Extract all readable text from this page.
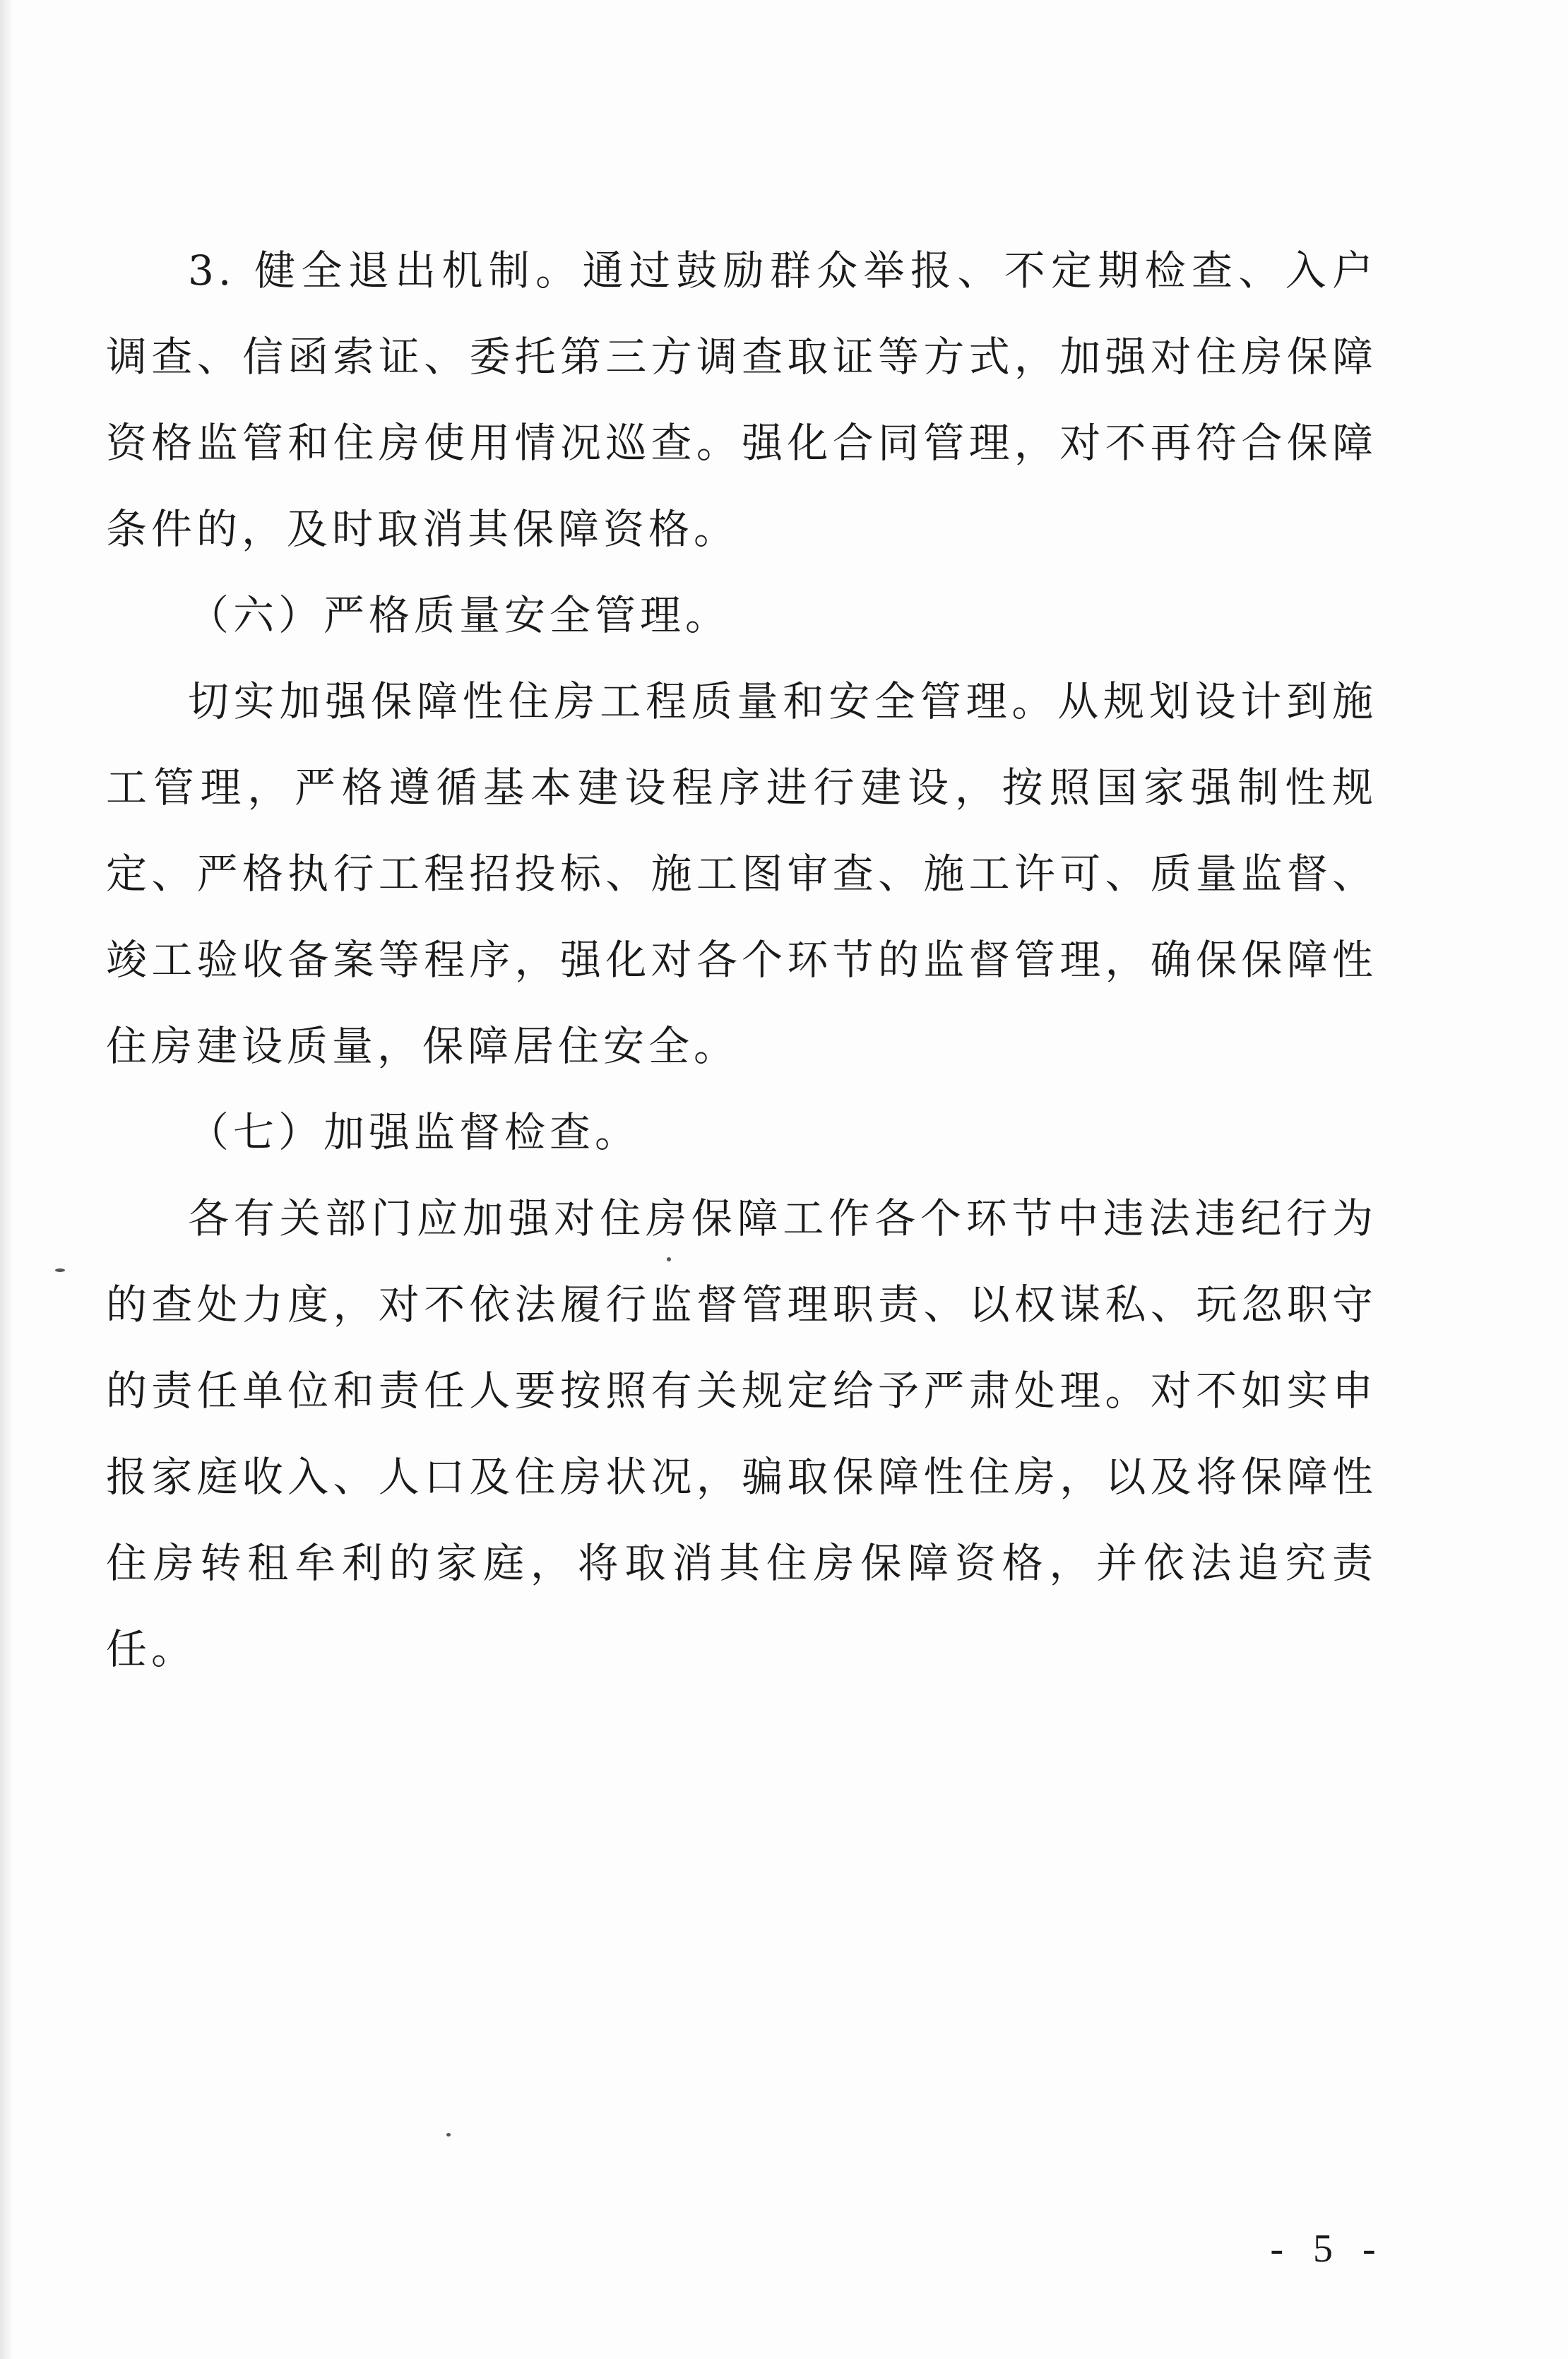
3. 健全退出机制。通过鼓励群众举报、不定期检查、入户调查、信函索证、委托第三方调查取证等方式，加强对住房保障资格监管和住房使用情况巡查。强化合同管理，对不再符合保障条件的，及时取消其保障资格。

（六）严格质量安全管理。

切实加强保障性住房工程质量和安全管理。从规划设计到施工管理，严格遵循基本建设程序进行建设，按照国家强制性规定、严格执行工程招投标、施工图审查、施工许可、质量监督、竣工验收备案等程序，强化对各个环节的监督管理，确保保障性住房建设质量，保障居住安全。

（七）加强监督检查。

各有关部门应加强对住房保障工作各个环节中违法违纪行为的查处力度，对不依法履行监督管理职责、以权谋私、玩忽职守的责任单位和责任人要按照有关规定给予严肃处理。对不如实申报家庭收入、人口及住房状况，骗取保障性住房，以及将保障性住房转租牟利的家庭，将取消其住房保障资格，并依法追究责任。

- 5 -
